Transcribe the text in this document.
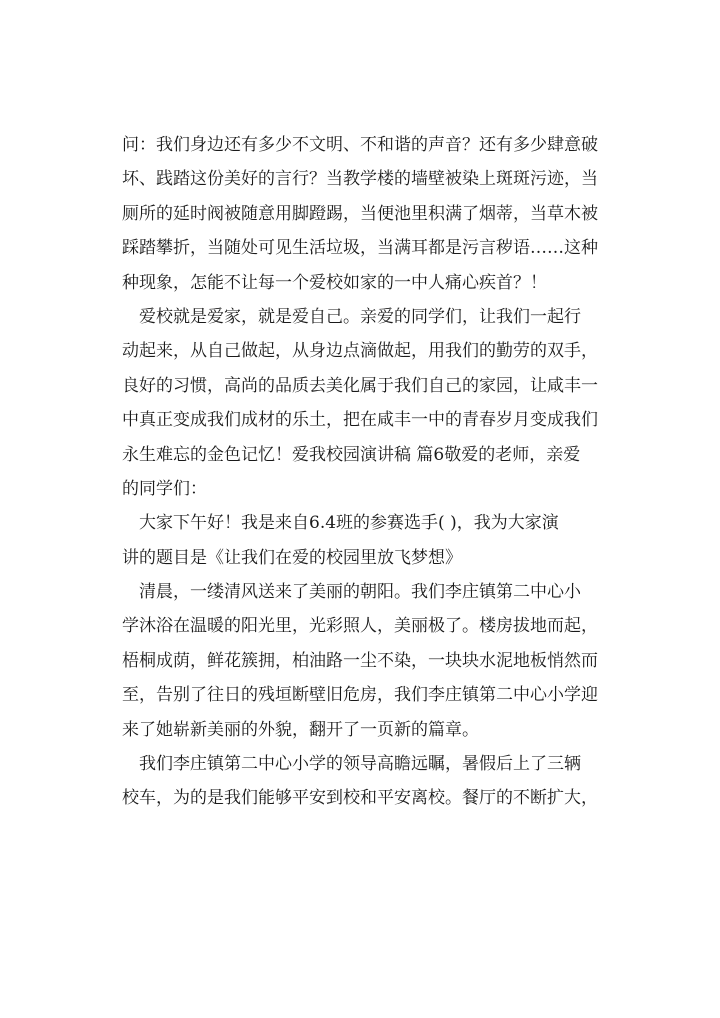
问：我们身边还有多少不文明、不和谐的声音？还有多少肆意破
坏、践踏这份美好的言行？当教学楼的墙壁被染上斑斑污迹，当
厕所的延时阀被随意用脚蹬踢，当便池里积满了烟蒂，当草木被
踩踏攀折，当随处可见生活垃圾，当满耳都是污言秽语……这种
种现象，怎能不让每一个爱校如家的一中人痛心疾首？！
爱校就是爱家，就是爱自己。亲爱的同学们，让我们一起行
动起来，从自己做起，从身边点滴做起，用我们的勤劳的双手，
良好的习惯，高尚的品质去美化属于我们自己的家园，让咸丰一
中真正变成我们成材的乐土，把在咸丰一中的青春岁月变成我们
永生难忘的金色记忆！爱我校园演讲稿 篇6敬爱的老师，亲爱
的同学们：
大家下午好！我是来自6.4班的参赛选手( )，我为大家演
讲的题目是《让我们在爱的校园里放飞梦想》
清晨，一缕清风送来了美丽的朝阳。我们李庄镇第二中心小
学沐浴在温暖的阳光里，光彩照人，美丽极了。楼房拔地而起，
梧桐成荫，鲜花簇拥，柏油路一尘不染，一块块水泥地板悄然而
至，告别了往日的残垣断壁旧危房，我们李庄镇第二中心小学迎
来了她崭新美丽的外貌，翻开了一页新的篇章。
我们李庄镇第二中心小学的领导高瞻远瞩，暑假后上了三辆
校车，为的是我们能够平安到校和平安离校。餐厅的不断扩大，
